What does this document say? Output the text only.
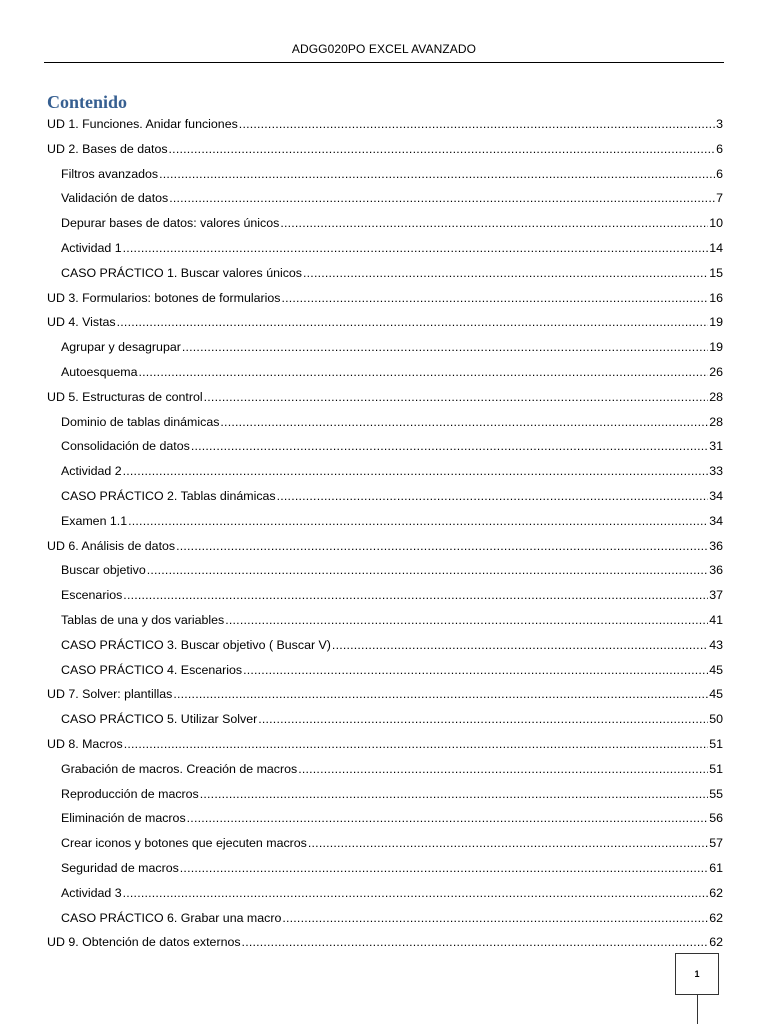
ADGG020PO EXCEL AVANZADO
Contenido
UD 1. Funciones. Anidar funciones .....	3
UD 2. Bases de datos .....	6
Filtros avanzados .....	6
Validación de datos .....	7
Depurar bases de datos: valores únicos .....	10
Actividad 1 .....	14
CASO PRÁCTICO 1. Buscar valores únicos .....	15
UD 3. Formularios: botones de formularios .....	16
UD 4. Vistas .....	19
Agrupar y desagrupar .....	19
Autoesquema .....	26
UD 5. Estructuras de control .....	28
Dominio de tablas dinámicas .....	28
Consolidación de datos .....	31
Actividad 2 .....	33
CASO PRÁCTICO 2. Tablas dinámicas .....	34
Examen 1.1 .....	34
UD 6. Análisis de datos .....	36
Buscar objetivo .....	36
Escenarios .....	37
Tablas de una y dos variables .....	41
CASO PRÁCTICO 3. Buscar objetivo ( Buscar V) .....	43
CASO PRÁCTICO 4. Escenarios .....	45
UD 7. Solver: plantillas .....	45
CASO PRÁCTICO 5. Utilizar Solver .....	50
UD 8. Macros .....	51
Grabación de macros. Creación de macros .....	51
Reproducción de macros .....	55
Eliminación de macros .....	56
Crear iconos y botones que ejecuten macros .....	57
Seguridad de macros .....	61
Actividad 3 .....	62
CASO PRÁCTICO 6. Grabar una macro .....	62
UD 9. Obtención de datos externos .....	62
1
